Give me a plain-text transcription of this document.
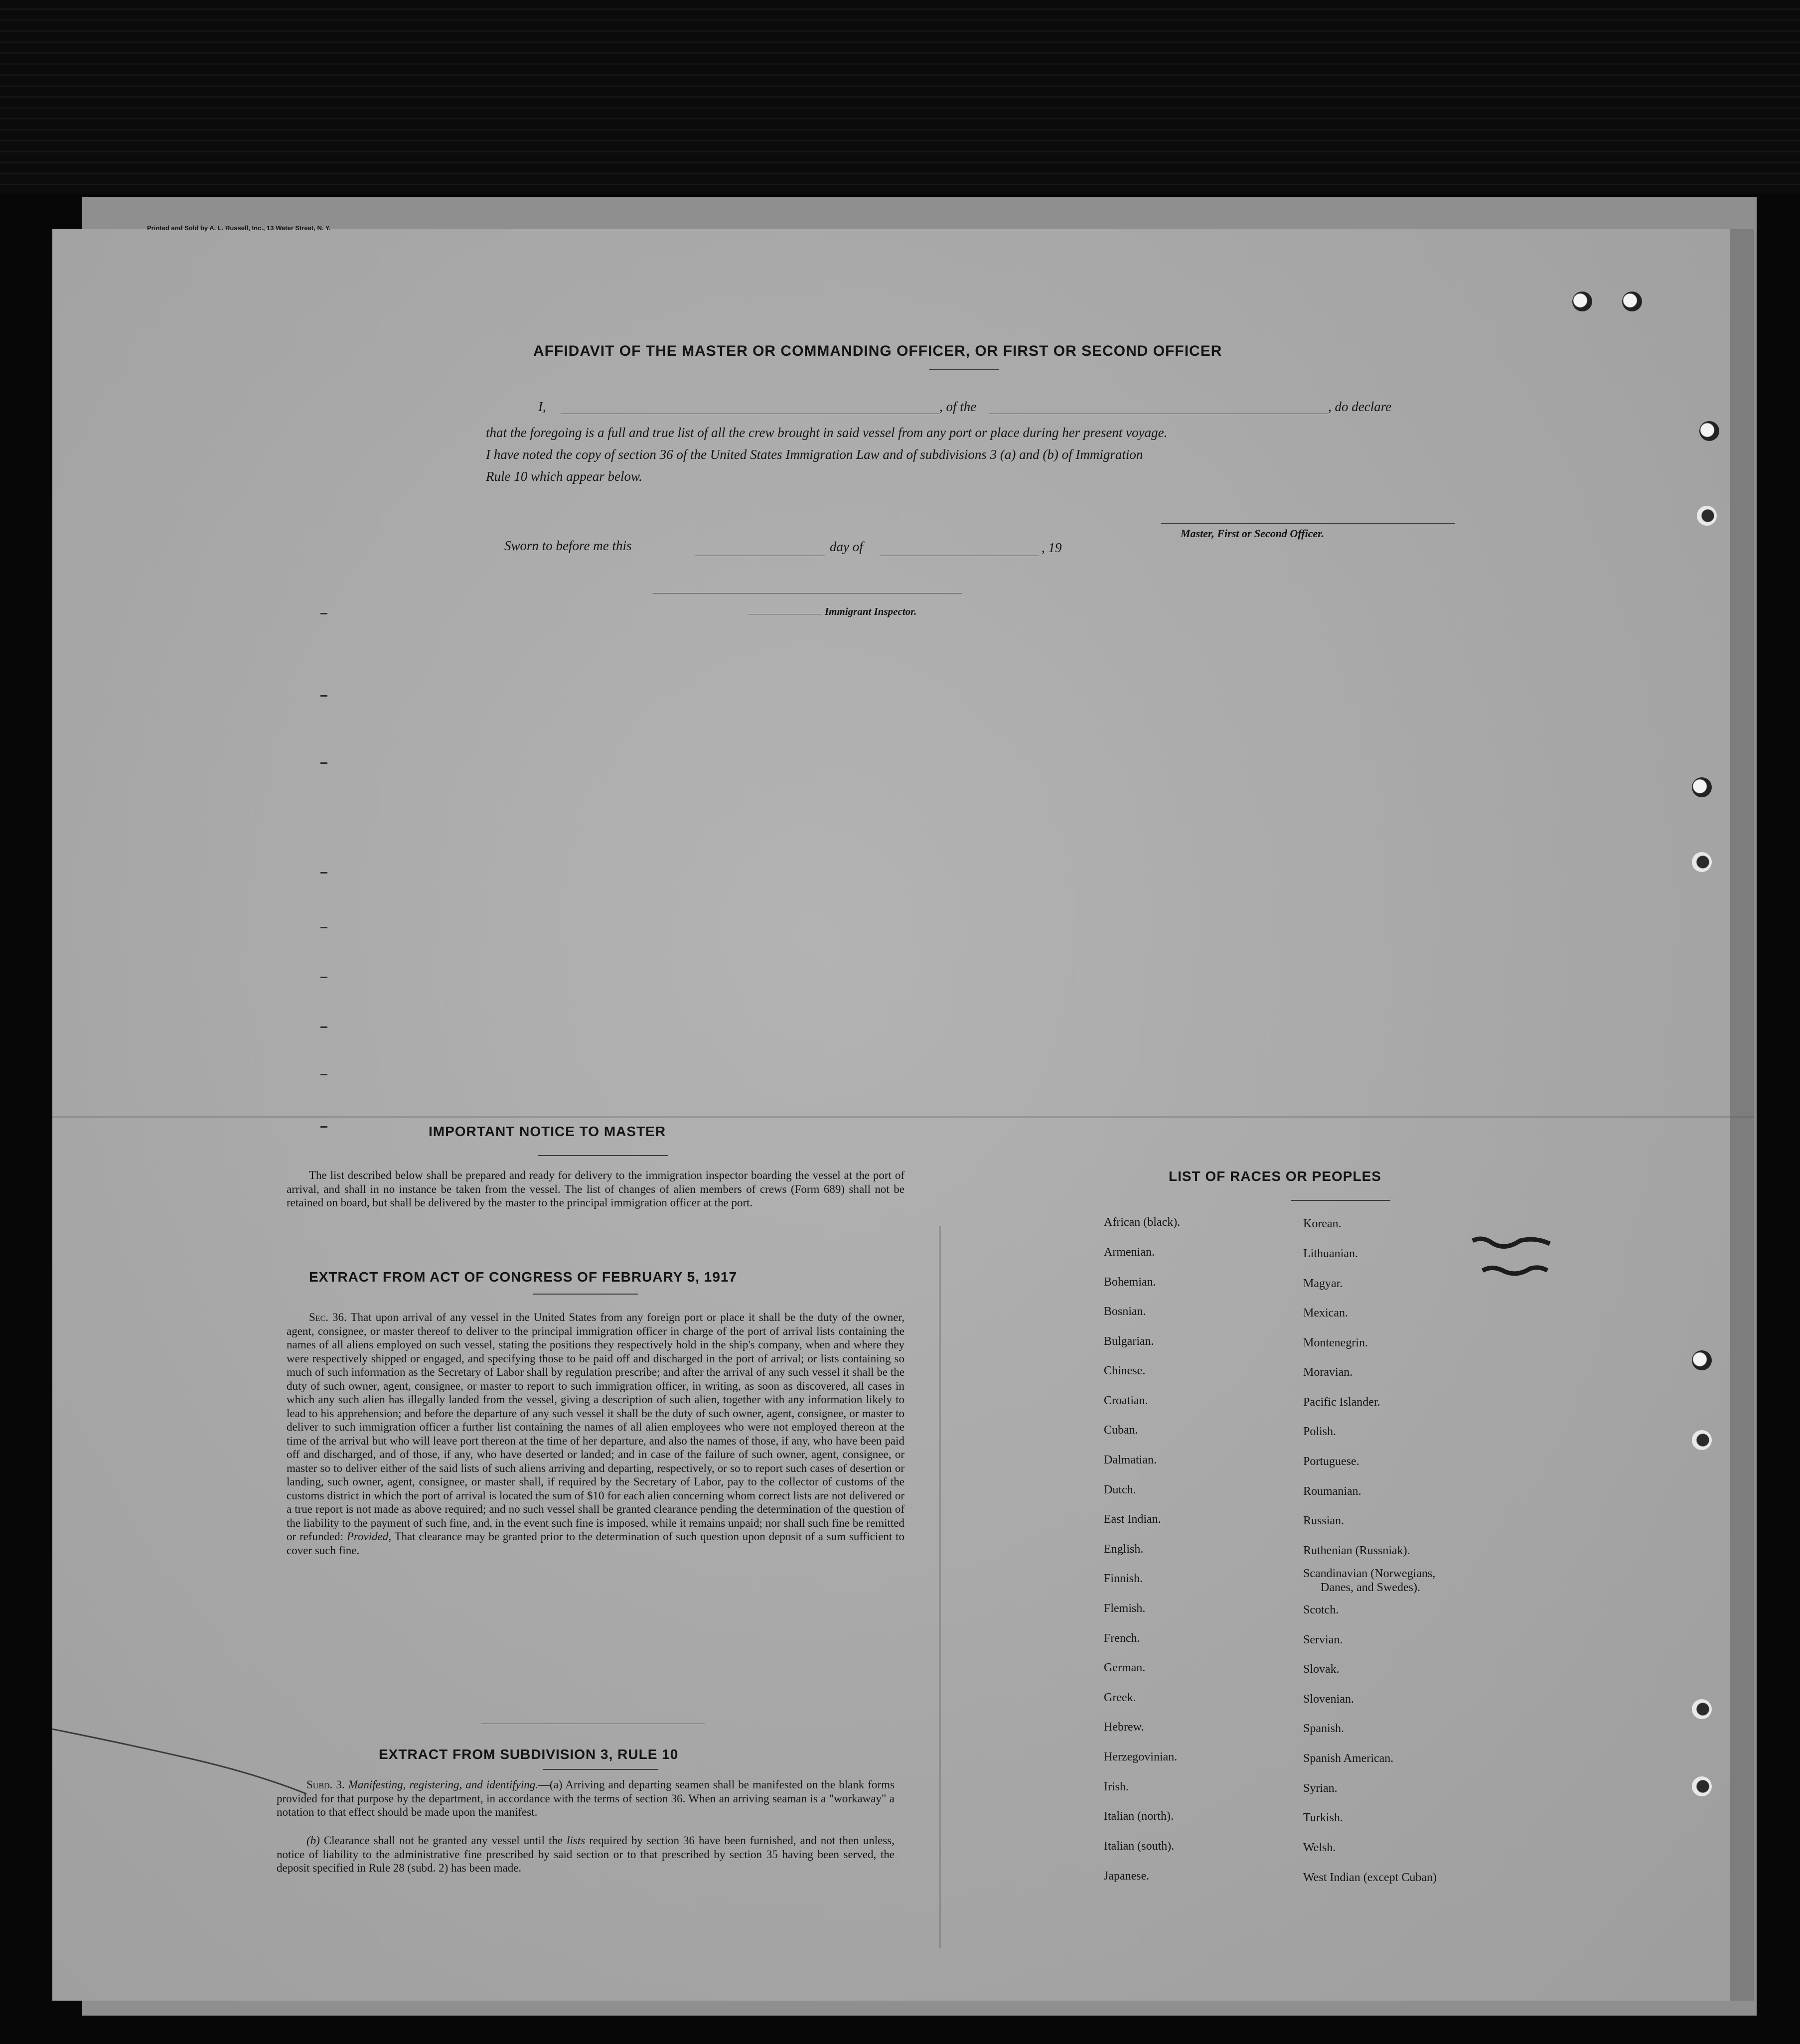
Printed and Sold by A. L. Russell, Inc., 13 Water Street, N. Y.
AFFIDAVIT OF THE MASTER OR COMMANDING OFFICER, OR FIRST OR SECOND OFFICER
I,	, of the	, do declare
that the foregoing is a full and true list of all the crew brought in said vessel from any port or place during her present voyage.
I have noted the copy of section 36 of the United States Immigration Law and of subdivisions 3 (a) and (b) of Immigration
Rule 10 which appear below.
Master, First or Second Officer.
Sworn to before me this	day of	, 19
Immigrant Inspector.
IMPORTANT NOTICE TO MASTER
The list described below shall be prepared and ready for delivery to the immigration inspector boarding the vessel at the port of arrival, and shall in no instance be taken from the vessel. The list of changes of alien members of crews (Form 689) shall not be retained on board, but shall be delivered by the master to the principal immigration officer at the port.
EXTRACT FROM ACT OF CONGRESS OF FEBRUARY 5, 1917
Sec. 36. That upon arrival of any vessel in the United States from any foreign port or place it shall be the duty of the owner, agent, consignee, or master thereof to deliver to the principal immigration officer in charge of the port of arrival lists containing the names of all aliens employed on such vessel, stating the positions they respectively hold in the ship's company, when and where they were respectively shipped or engaged, and specifying those to be paid off and discharged in the port of arrival; or lists containing so much of such information as the Secretary of Labor shall by regulation prescribe; and after the arrival of any such vessel it shall be the duty of such owner, agent, consignee, or master to report to such immigration officer, in writing, as soon as discovered, all cases in which any such alien has illegally landed from the vessel, giving a description of such alien, together with any information likely to lead to his apprehension; and before the departure of any such vessel it shall be the duty of such owner, agent, consignee, or master to deliver to such immigration officer a further list containing the names of all alien employees who were not employed thereon at the time of the arrival but who will leave port thereon at the time of her departure, and also the names of those, if any, who have been paid off and discharged, and of those, if any, who have deserted or landed; and in case of the failure of such owner, agent, consignee, or master so to deliver either of the said lists of such aliens arriving and departing, respectively, or so to report such cases of desertion or landing, such owner, agent, consignee, or master shall, if required by the Secretary of Labor, pay to the collector of customs of the customs district in which the port of arrival is located the sum of $10 for each alien concerning whom correct lists are not delivered or a true report is not made as above required; and no such vessel shall be granted clearance pending the determination of the question of the liability to the payment of such fine, and, in the event such fine is imposed, while it remains unpaid; nor shall such fine be remitted or refunded: Provided, That clearance may be granted prior to the determination of such question upon deposit of a sum sufficient to cover such fine.
EXTRACT FROM SUBDIVISION 3, RULE 10
Subd. 3. Manifesting, registering, and identifying.—(a) Arriving and departing seamen shall be manifested on the blank forms provided for that purpose by the department, in accordance with the terms of section 36. When an arriving seaman is a "workaway" a notation to that effect should be made upon the manifest.
(b) Clearance shall not be granted any vessel until the lists required by section 36 have been furnished, and not then unless, notice of liability to the administrative fine prescribed by said section or to that prescribed by section 35 having been served, the deposit specified in Rule 28 (subd. 2) has been made.
LIST OF RACES OR PEOPLES
African (black).
Armenian.
Bohemian.
Bosnian.
Bulgarian.
Chinese.
Croatian.
Cuban.
Dalmatian.
Dutch.
East Indian.
English.
Finnish.
Flemish.
French.
German.
Greek.
Hebrew.
Herzegovinian.
Irish.
Italian (north).
Italian (south).
Japanese.
Korean.
Lithuanian.
Magyar.
Mexican.
Montenegrin.
Moravian.
Pacific Islander.
Polish.
Portuguese.
Roumanian.
Russian.
Ruthenian (Russniak).
Scandinavian (Norwegians,
Danes, and Swedes).
Scotch.
Servian.
Slovak.
Slovenian.
Spanish.
Spanish American.
Syrian.
Turkish.
Welsh.
West Indian (except Cuban)
